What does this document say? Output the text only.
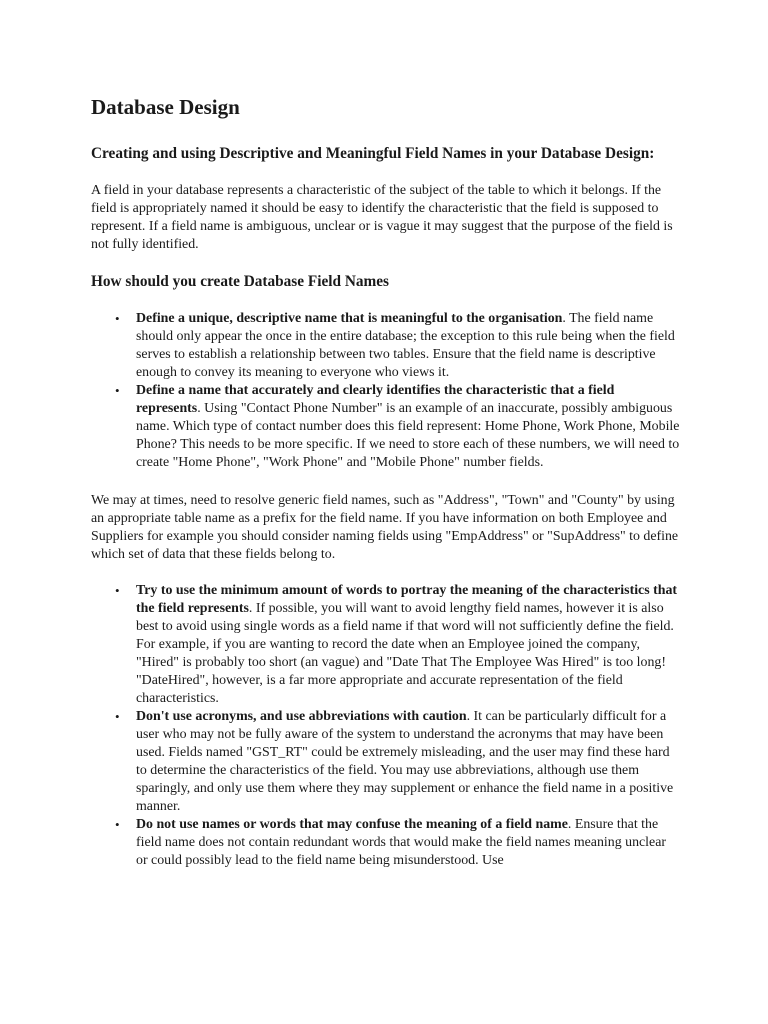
Database Design
Creating and using Descriptive and Meaningful Field Names in your Database Design:

A field in your database represents a characteristic of the subject of the table to which it belongs. If the field is appropriately named it should be easy to identify the characteristic that the field is supposed to represent. If a field name is ambiguous, unclear or is vague it may suggest that the purpose of the field is not fully identified.

How should you create Database Field Names
• Define a unique, descriptive name that is meaningful to the organisation. The field name should only appear the once in the entire database; the exception to this rule being when the field serves to establish a relationship between two tables. Ensure that the field name is descriptive enough to convey its meaning to everyone who views it.
• Define a name that accurately and clearly identifies the characteristic that a field represents. Using "Contact Phone Number" is an example of an inaccurate, possibly ambiguous name. Which type of contact number does this field represent: Home Phone, Work Phone, Mobile Phone? This needs to be more specific. If we need to store each of these numbers, we will need to create "Home Phone", "Work Phone" and "Mobile Phone" number fields.

We may at times, need to resolve generic field names, such as "Address", "Town" and "County" by using an appropriate table name as a prefix for the field name. If you have information on both Employee and Suppliers for example you should consider naming fields using "EmpAddress" or "SupAddress" to define which set of data that these fields belong to.

• Try to use the minimum amount of words to portray the meaning of the characteristics that the field represents. If possible, you will want to avoid lengthy field names, however it is also best to avoid using single words as a field name if that word will not sufficiently define the field. For example, if you are wanting to record the date when an Employee joined the company, "Hired" is probably too short (an vague) and "Date That The Employee Was Hired" is too long! "DateHired", however, is a far more appropriate and accurate representation of the field characteristics.
• Don't use acronyms, and use abbreviations with caution. It can be particularly difficult for a user who may not be fully aware of the system to understand the acronyms that may have been used. Fields named "GST_RT" could be extremely misleading, and the user may find these hard to determine the characteristics of the field. You may use abbreviations, although use them sparingly, and only use them where they may supplement or enhance the field name in a positive manner.
• Do not use names or words that may confuse the meaning of a field name. Ensure that the field name does not contain redundant words that would make the field names meaning unclear or could possibly lead to the field name being misunderstood. Use
